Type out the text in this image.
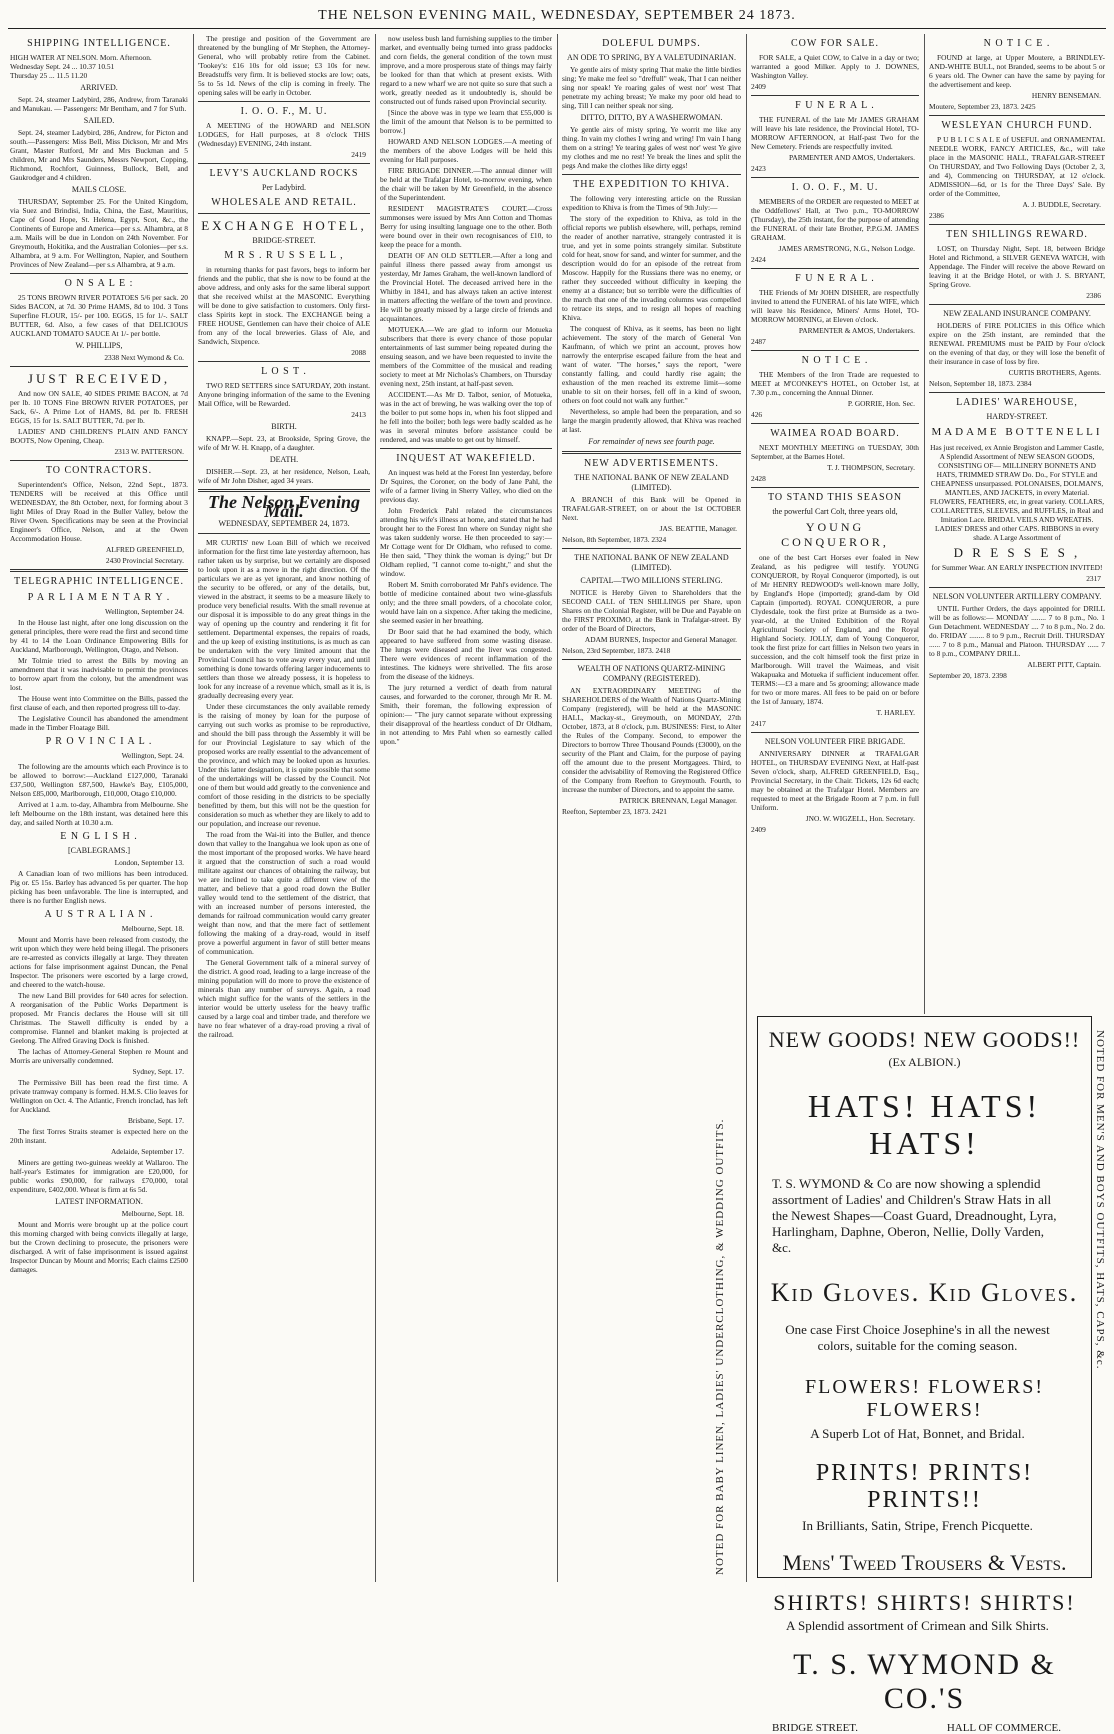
THE NELSON EVENING MAIL, WEDNESDAY, SEPTEMBER 24 1873.
SHIPPING INTELLIGENCE.
HIGH WATER AT NELSON. Morn. Afternoon.
Wednesday Sept. 24 ... 10.37 10.51
Thursday 25 ... 11.5 11.20
ARRIVED.

Sept. 24, steamer Ladybird, 286, Andrew, from Taranaki and Manukau. — Passengers: Mr Bentham, and 7 for S'uth.

SAILED.

Sept. 24, steamer Ladybird, 286, Andrew, for Picton and south.—Passengers: Miss Bell, Miss Dickson, Mr and Mrs Grant, Master Rutford, Mr and Mrs Buckman and 5 children, Mr and Mrs Saunders, Messrs Newport, Copping, Richmond, Rochfort, Guinness, Bullock, Bell, and Gaukrodger and 4 children.

MAILS CLOSE.

THURSDAY, September 25. For the United Kingdom, via Suez and Brindisi, India, China, the East, Mauritius, Cape of Good Hope, St. Helena, Egypt, Scot, &c., the Continents of Europe and America—per s.s. Alhambra, at 8 a.m. Mails will be due in London on 24th November. For Greymouth, Hokitika, and the Australian Colonies—per s.s. Alhambra, at 9 a.m. For Wellington, Napier, and Southern Provinces of New Zealand—per s.s Alhambra, at 9 a.m.

O N S A L E :

25 TONS BROWN RIVER POTATOES 5/6 per sack. 20 Sides BACON, at 7d. 30 Prime HAMS, 8d to 10d. 3 Tons Superfine FLOUR, 15/- per 100. EGGS, 15 for 1/-. SALT BUTTER, 6d. Also, a few cases of that DELICIOUS AUCKLAND TOMATO SAUCE At 1/- per bottle.

W. PHILLIPS,
2338 Next Wymond & Co.
JUST RECEIVED,

And now ON SALE, 40 SIDES PRIME BACON, at 7d per lb. 10 TONS Fine BROWN RIVER POTATOES, per Sack, 6/-. A Prime Lot of HAMS, 8d. per lb. FRESH EGGS, 15 for 1s. SALT BUTTER, 7d. per lb.

LADIES' AND CHILDREN'S PLAIN AND FANCY BOOTS, Now Opening, Cheap.

2313 W. PATTERSON.
TO CONTRACTORS.

Superintendent's Office, Nelson, 22nd Sept., 1873. TENDERS will be received at this Office until WEDNESDAY, the 8th October, next, for forming about 3 light Miles of Dray Road in the Buller Valley, below the River Owen. Specifications may be seen at the Provincial Engineer's Office, Nelson, and at the Owen Accommodation House.

ALFRED GREENFIELD,
2430 Provincial Secretary.
TELEGRAPHIC INTELLIGENCE.
P A R L I A M E N T A R Y .
Wellington, September 24.

In the House last night, after one long discussion on the general principles, there were read the first and second time by 41 to 14 the Loan Ordinance Empowering Bills for Auckland, Marlborough, Wellington, Otago, and Nelson.

Mr Tolmie tried to arrest the Bills by moving an amendment that it was inadvisable to permit the provinces to borrow apart from the colony, but the amendment was lost.

The House went into Committee on the Bills, passed the first clause of each, and then reported progress till to-day.

The Legislative Council has abandoned the amendment made in the Timber Floatage Bill.

P R O V I N C I A L .
Wellington, Sept. 24.

The following are the amounts which each Province is to be allowed to borrow:—Auckland £127,000, Taranaki £37,500, Wellington £87,500, Hawke's Bay, £105,000, Nelson £85,000, Marlborough, £10,000, Otago £10,000.

Arrived at 1 a.m. to-day, Alhambra from Melbourne. She left Melbourne on the 18th instant, was detained here this day, and sailed North at 10.30 a.m.

E N G L I S H .
[CABLEGRAMS.]
London, September 13.

A Canadian loan of two millions has been introduced. Pig or. £5 15s. Barley has advanced 5s per quarter. The hop picking has been unfavorable. The line is interrupted, and there is no further English news.

A U S T R A L I A N .
Melbourne, Sept. 18.

Mount and Morris have been released from custody, the writ upon which they were held being illegal. The prisoners are re-arrested as convicts illegally at large. They threaten actions for false imprisonment against Duncan, the Penal Inspector. The prisoners were escorted by a large crowd, and cheered to the watch-house.

The new Land Bill provides for 640 acres for selection. A reorganisation of the Public Works Department is proposed. Mr Francis declares the House will sit till Christmas. The Stawell difficulty is ended by a compromise. Flannel and blanket making is projected at Geelong. The Alfred Graving Dock is finished.

The lachas of Attorney-General Stephen re Mount and Morris are universally condemned.

Sydney, Sept. 17.

The Permissive Bill has been read the first time. A private tramway company is formed. H.M.S. Clio leaves for Wellington on Oct. 4. The Atlantic, French ironclad, has left for Auckland.

Brisbane, Sept. 17.

The first Torres Straits steamer is expected here on the 20th instant.

Adelaide, September 17.

Miners are getting two-guineas weekly at Wallaroo. The half-year's Estimates for immigration are £20,000, for public works £90,000, for railways £70,000, total expenditure, £402,000. Wheat is firm at 6s 5d.

LATEST INFORMATION.
Melbourne, Sept. 18.

Mount and Morris were brought up at the police court this morning charged with being convicts illegally at large, but the Crown declining to prosecute, the prisoners were discharged. A writ of false imprisonment is issued against Inspector Duncan by Mount and Morris; Each claims £2500 damages.

The prestige and position of the Government are threatened by the bungling of Mr Stephen, the Attorney-General, who will probably retire from the Cabinet. 'Tookey's: £16 10s for old issue; £3 10s for new. Breadstuffs very firm. It is believed stocks are low; oats, 5s to 5s 1d. News of the clip is coming in freely. The opening sales will be early in October.

I. O. O. F., M. U.

A MEETING of the HOWARD and NELSON LODGES, for Hall purposes, at 8 o'clock THIS (Wednesday) EVENING, 24th instant.

2419
LEVY'S AUCKLAND ROCKS
Per Ladybird.
WHOLESALE AND RETAIL.
EXCHANGE HOTEL,
BRIDGE-STREET.
M R S . R U S S E L L ,

in returning thanks for past favors, begs to inform her friends and the public, that she is now to be found at the above address, and only asks for the same liberal support that she received whilst at the MASONIC. Everything will be done to give satisfaction to customers. Only first-class Spirits kept in stock. The EXCHANGE being a FREE HOUSE, Gentlemen can have their choice of ALE from any of the local breweries. Glass of Ale, and Sandwich, Sixpence.

2088
L O S T .

TWO RED SETTERS since SATURDAY, 20th instant. Anyone bringing information of the same to the Evening Mail Office, will be Rewarded.

2413
BIRTH.

KNAPP.—Sept. 23, at Brookside, Spring Grove, the wife of Mr W. H. Knapp, of a daughter.

DEATH.

DISHER.—Sept. 23, at her residence, Nelson, Leah, wife of Mr John Disher, aged 34 years.

The Nelson Evening Mail.
WEDNESDAY, SEPTEMBER 24, 1873.

MR CURTIS' new Loan Bill of which we received information for the first time late yesterday afternoon, has rather taken us by surprise, but we certainly are disposed to look upon it as a move in the right direction. Of the particulars we are as yet ignorant, and know nothing of the security to be offered, or any of the details, but, viewed in the abstract, it seems to be a measure likely to produce very beneficial results. With the small revenue at our disposal it is impossible to do any great things in the way of opening up the country and rendering it fit for settlement. Departmental expenses, the repairs of roads, and the up keep of existing institutions, is as much as can be undertaken with the very limited amount that the Provincial Council has to vote away every year, and until something is done towards offering larger inducements to settlers than those we already possess, it is hopeless to look for any increase of a revenue which, small as it is, is gradually decreasing every year.

Under these circumstances the only available remedy is the raising of money by loan for the purpose of carrying out such works as promise to be reproductive, and should the bill pass through the Assembly it will be for our Provincial Legislature to say which of the proposed works are really essential to the advancement of the province, and which may be looked upon as luxuries. Under this latter designation, it is quite possible that some of the undertakings will be classed by the Council. Not one of them but would add greatly to the convenience and comfort of those residing in the districts to be specially benefitted by them, but this will not be the question for consideration so much as whether they are likely to add to our population, and increase our revenue.

The road from the Wai-iti into the Buller, and thence down that valley to the Inangahua we look upon as one of the most important of the proposed works. We have heard it argued that the construction of such a road would militate against our chances of obtaining the railway, but we are inclined to take quite a different view of the matter, and believe that a good road down the Buller valley would tend to the settlement of the district, that with an increased number of persons interested, the demands for railroad communication would carry greater weight than now, and that the mere fact of settlement following the making of a dray-road, would in itself prove a powerful argument in favor of still better means of communication.

The General Government talk of a mineral survey of the district. A good road, leading to a large increase of the mining population will do more to prove the existence of minerals than any number of surveys. Again, a road which might suffice for the wants of the settlers in the interior would be utterly useless for the heavy traffic caused by a large coal and timber trade, and therefore we have no fear whatever of a dray-road proving a rival of the railroad.

now useless bush land furnishing supplies to the timber market, and eventually being turned into grass paddocks and corn fields, the general condition of the town must improve, and a more prosperous state of things may fairly be looked for than that which at present exists. With regard to a new wharf we are not quite so sure that such a work, greatly needed as it undoubtedly is, should be constructed out of funds raised upon Provincial security.

[Since the above was in type we learn that £55,000 is the limit of the amount that Nelson is to be permitted to borrow.]

HOWARD AND NELSON LODGES.—A meeting of the members of the above Lodges will be held this evening for Hall purposes.

FIRE BRIGADE DINNER.—The annual dinner will be held at the Trafalgar Hotel, to-morrow evening, when the chair will be taken by Mr Greenfield, in the absence of the Superintendent.

RESIDENT MAGISTRATE'S COURT.—Cross summonses were issued by Mrs Ann Cotton and Thomas Berry for using insulting language one to the other. Both were bound over in their own recognisances of £10, to keep the peace for a month.

DEATH OF AN OLD SETTLER.—After a long and painful illness there passed away from amongst us yesterday, Mr James Graham, the well-known landlord of the Provincial Hotel. The deceased arrived here in the Whitby in 1841, and has always taken an active interest in matters affecting the welfare of the town and province. He will be greatly missed by a large circle of friends and acquaintances.

MOTUEKA.—We are glad to inform our Motueka subscribers that there is every chance of those popular entertainments of last summer being repeated during the ensuing season, and we have been requested to invite the members of the Committee of the musical and reading society to meet at Mr Nicholas's Chambers, on Thursday evening next, 25th instant, at half-past seven.

ACCIDENT.—As Mr D. Talbot, senior, of Motueka, was in the act of brewing, he was walking over the top of the boiler to put some hops in, when his foot slipped and he fell into the boiler; both legs were badly scalded as he was in several minutes before assistance could be rendered, and was unable to get out by himself.

INQUEST AT WAKEFIELD.

An inquest was held at the Forest Inn yesterday, before Dr Squires, the Coroner, on the body of Jane Pahl, the wife of a farmer living in Sherry Valley, who died on the previous day.

John Frederick Pahl related the circumstances attending his wife's illness at home, and stated that he had brought her to the Forest Inn where on Sunday night she was taken suddenly worse. He then proceeded to say:—Mr Cottage went for Dr Oldham, who refused to come. He then said, "They think the woman is dying;" but Dr Oldham replied, "I cannot come to-night," and shut the window.

Robert M. Smith corroborated Mr Pahl's evidence. The bottle of medicine contained about two wine-glassfuls only; and the three small powders, of a chocolate color, would have lain on a sixpence. After taking the medicine, she seemed easier in her breathing.

Dr Boor said that he had examined the body, which appeared to have suffered from some wasting disease. The lungs were diseased and the liver was congested. There were evidences of recent inflammation of the intestines. The kidneys were shrivelled. The fits arose from the disease of the kidneys.

The jury returned a verdict of death from natural causes, and forwarded to the coroner, through Mr R. M. Smith, their foreman, the following expression of opinion:— "The jury cannot separate without expressing their disapproval of the heartless conduct of Dr Oldham, in not attending to Mrs Pahl when so earnestly called upon."

DOLEFUL DUMPS.
AN ODE TO SPRING, BY A VALETUDINARIAN.

Ye gentle airs of misty spring That make the little birdies sing; Ye make me feel so "dreffull" weak, That I can neither sing nor speak! Ye roaring gales of west nor' west That penetrate my aching breast; Ye make my poor old head to sing, Till I can neither speak nor sing.

DITTO, DITTO, BY A WASHERWOMAN.

Ye gentle airs of misty spring, Ye worrit me like any thing. In vain my clothes I wring and wring! I'm vain I hang them on a string! Ye tearing gales of west nor' west Ye give my clothes and me no rest! Ye break the lines and split the pegs And make the clothes like dirty eggs!

THE EXPEDITION TO KHIVA.

The following very interesting article on the Russian expedition to Khiva is from the Times of 9th July:—

The story of the expedition to Khiva, as told in the official reports we publish elsewhere, will, perhaps, remind the reader of another narrative, strangely contrasted it is true, and yet in some points strangely similar. Substitute cold for heat, snow for sand, and winter for summer, and the description would do for an episode of the retreat from Moscow. Happily for the Russians there was no enemy, or rather they succeeded without difficulty in keeping the enemy at a distance; but so terrible were the difficulties of the march that one of the invading columns was compelled to retrace its steps, and to resign all hopes of reaching Khiva.

The conquest of Khiva, as it seems, has been no light achievement. The story of the march of General Von Kaufmann, of which we print an account, proves how narrowly the enterprise escaped failure from the heat and want of water. "The horses," says the report, "were constantly falling, and could hardly rise again; the exhaustion of the men reached its extreme limit—some unable to sit on their horses, fell off in a kind of swoon, others on foot could not walk any further."

Nevertheless, so ample had been the preparation, and so large the margin prudently allowed, that Khiva was reached at last.

For remainder of news see fourth page.
NEW ADVERTISEMENTS.
THE NATIONAL BANK OF NEW ZEALAND (LIMITED).

A BRANCH of this Bank will be Opened in TRAFALGAR-STREET, on or about the 1st OCTOBER Next.

JAS. BEATTIE, Manager.
Nelson, 8th September, 1873. 2324
THE NATIONAL BANK OF NEW ZEALAND (LIMITED).
CAPITAL—TWO MILLIONS STERLING.

NOTICE is Hereby Given to Shareholders that the SECOND CALL of TEN SHILLINGS per Share, upon Shares on the Colonial Register, will be Due and Payable on the FIRST PROXIMO, at the Bank in Trafalgar-street. By order of the Board of Directors,

ADAM BURNES, Inspector and General Manager.
Nelson, 23rd September, 1873. 2418
WEALTH OF NATIONS QUARTZ-MINING COMPANY (REGISTERED).

AN EXTRAORDINARY MEETING of the SHAREHOLDERS of the Wealth of Nations Quartz-Mining Company (registered), will be held at the MASONIC HALL, Mackay-st., Greymouth, on MONDAY, 27th October, 1873, at 8 o'clock, p.m. BUSINESS: First, to Alter the Rules of the Company. Second, to empower the Directors to borrow Three Thousand Pounds (£3000), on the security of the Plant and Claim, for the purpose of paying off the amount due to the present Mortgagees. Third, to consider the advisability of Removing the Registered Office of the Company from Reefton to Greymouth. Fourth, to increase the number of Directors, and to appoint the same.

PATRICK BRENNAN, Legal Manager.
Reefton, September 23, 1873. 2421
COW FOR SALE.

FOR SALE, a Quiet COW, to Calve in a day or two; warranted a good Milker. Apply to J. DOWNES, Washington Valley.

2409
F U N E R A L .

THE FUNERAL of the late Mr JAMES GRAHAM will leave his late residence, the Provincial Hotel, TO-MORROW AFTERNOON, at Half-past Two for the New Cemetery. Friends are respectfully invited.

PARMENTER AND AMOS, Undertakers.
2423
I. O. O. F., M. U.

MEMBERS of the ORDER are requested to MEET at the Oddfellows' Hall, at Two p.m., TO-MORROW (Thursday), the 25th instant, for the purpose of attending the FUNERAL of their late Brother, P.P.G.M. JAMES GRAHAM.

JAMES ARMSTRONG, N.G., Nelson Lodge.
2424
F U N E R A L .

THE Friends of Mr JOHN DISHER, are respectfully invited to attend the FUNERAL of his late WIFE, which will leave his Residence, Miners' Arms Hotel, TO-MORROW MORNING, at Eleven o'clock.

PARMENTER & AMOS, Undertakers.
2487
N O T I C E .

THE Members of the Iron Trade are requested to MEET at M'CONKEY'S HOTEL, on October 1st, at 7.30 p.m., concerning the Annual Dinner.

P. GORRIE, Hon. Sec.
426
WAIMEA ROAD BOARD.

NEXT MONTHLY MEETING on TUESDAY, 30th September, at the Barnes Hotel.

T. J. THOMPSON, Secretary.
2428
TO STAND THIS SEASON
the powerful Cart Colt, three years old,
YOUNG CONQUEROR,

one of the best Cart Horses ever foaled in New Zealand, as his pedigree will testify. YOUNG CONQUEROR, by Royal Conqueror (imported), is out of Mr HENRY REDWOOD's well-known mare Jolly, by England's Hope (imported); grand-dam by Old Captain (imported). ROYAL CONQUEROR, a pure Clydesdale, took the first prize at Burnside as a two-year-old, at the United Exhibition of the Royal Agricultural Society of England, and the Royal Highland Society. JOLLY, dam of Young Conqueror, took the first prize for cart fillies in Nelson two years in succession, and the colt himself took the first prize in Marlborough. Will travel the Waimeas, and visit Wakapuaka and Motueka if sufficient inducement offer. TERMS:—£3 a mare and 5s grooming; allowance made for two or more mares. All fees to be paid on or before the 1st of January, 1874.

T. HARLEY.
2417
NELSON VOLUNTEER FIRE BRIGADE.

ANNIVERSARY DINNER at TRAFALGAR HOTEL, on THURSDAY EVENING Next, at Half-past Seven o'clock, sharp, ALFRED GREENFIELD, Esq., Provincial Secretary, in the Chair. Tickets, 12s 6d each; may be obtained at the Trafalgar Hotel. Members are requested to meet at the Brigade Room at 7 p.m. in full Uniform.

JNO. W. WIGZELL, Hon. Secretary.
2409
N O T I C E .

FOUND at large, at Upper Moutere, a BRINDLEY-AND-WHITE BULL, not Branded, seems to be about 5 or 6 years old. The Owner can have the same by paying for the advertisement and keep.

HENRY BENSEMAN.
Moutere, September 23, 1873. 2425
WESLEYAN CHURCH FUND.

P U B L I C S A L E of USEFUL and ORNAMENTAL NEEDLE WORK, FANCY ARTICLES, &c., will take place in the MASONIC HALL, TRAFALGAR-STREET On THURSDAY, and Two Following Days (October 2, 3, and 4), Commencing on THURSDAY, at 12 o'clock. ADMISSION—6d, or 1s for the Three Days' Sale. By order of the Committee,

A. J. BUDDLE, Secretary.
2386
TEN SHILLINGS REWARD.

LOST, on Thursday Night, Sept. 18, between Bridge Hotel and Richmond, a SILVER GENEVA WATCH, with Appendage. The Finder will receive the above Reward on leaving it at the Bridge Hotel, or with J. S. BRYANT, Spring Grove.

2386
NEW ZEALAND INSURANCE COMPANY.

HOLDERS of FIRE POLICIES in this Office which expire on the 25th instant, are reminded that the RENEWAL PREMIUMS must be PAID by Four o'clock on the evening of that day, or they will lose the benefit of their insurance in case of loss by fire.

CURTIS BROTHERS, Agents.
Nelson, September 18, 1873. 2384
LADIES' WAREHOUSE,
HARDY-STREET.
MADAME BOTTENELLI

Has just received, ex Annie Brogiston and Lammer Castle, A Splendid Assortment of NEW SEASON GOODS, CONSISTING OF— MILLINERY BONNETS AND HATS, TRIMMED STRAW Do. Do., For STYLE and CHEAPNESS unsurpassed. POLONAISES, DOLMAN'S, MANTLES, AND JACKETS, in every Material. FLOWERS, FEATHERS, etc, in great variety. COLLARS, COLLARETTES, SLEEVES, and RUFFLES, in Real and Imitation Lace. BRIDAL VEILS AND WREATHS. LADIES' DRESS and other CAPS. RIBBONS in every shade. A Large Assortment of

D R E S S E S ,

for Summer Wear. AN EARLY INSPECTION INVITED!

2317
NELSON VOLUNTEER ARTILLERY COMPANY.

UNTIL Further Orders, the days appointed for DRILL will be as follows:— MONDAY ........ 7 to 8 p.m., No. 1 Gun Detachment. WEDNESDAY .... 7 to 8 p.m., No. 2 do. do. FRIDAY ........ 8 to 9 p.m., Recruit Drill. THURSDAY ...... 7 to 8 p.m., Manual and Platoon. THURSDAY ...... 7 to 8 p.m., COMPANY DRILL.

ALBERT PITT, Captain.
September 20, 1873. 2398
NEW GOODS! NEW GOODS!!
(Ex ALBION.)
HATS! HATS! HATS!
T. S. WYMOND & Co are now showing a splendid assortment of Ladies' and Children's Straw Hats in all the Newest Shapes—Coast Guard, Dreadnought, Lyra, Harlingham, Daphne, Oberon, Nellie, Dolly Varden, &c.
Kid Gloves. Kid Gloves.
One case First Choice Josephine's in all the newest colors, suitable for the coming season.
FLOWERS! FLOWERS! FLOWERS!
A Superb Lot of Hat, Bonnet, and Bridal.
PRINTS! PRINTS! PRINTS!!
In Brilliants, Satin, Stripe, French Picquette.
Mens' Tweed Trousers & Vests.
SHIRTS! SHIRTS! SHIRTS!
A Splendid assortment of Crimean and Silk Shirts.
T. S. WYMOND & CO.'S
BRIDGE STREET.	HALL OF COMMERCE.
NOTED FOR BABY LINEN, LADIES' UNDERCLOTHING, & WEDDING OUTFITS.	NOTED FOR MEN'S AND BOYS OUTFITS, HATS, CAPS, &c.
